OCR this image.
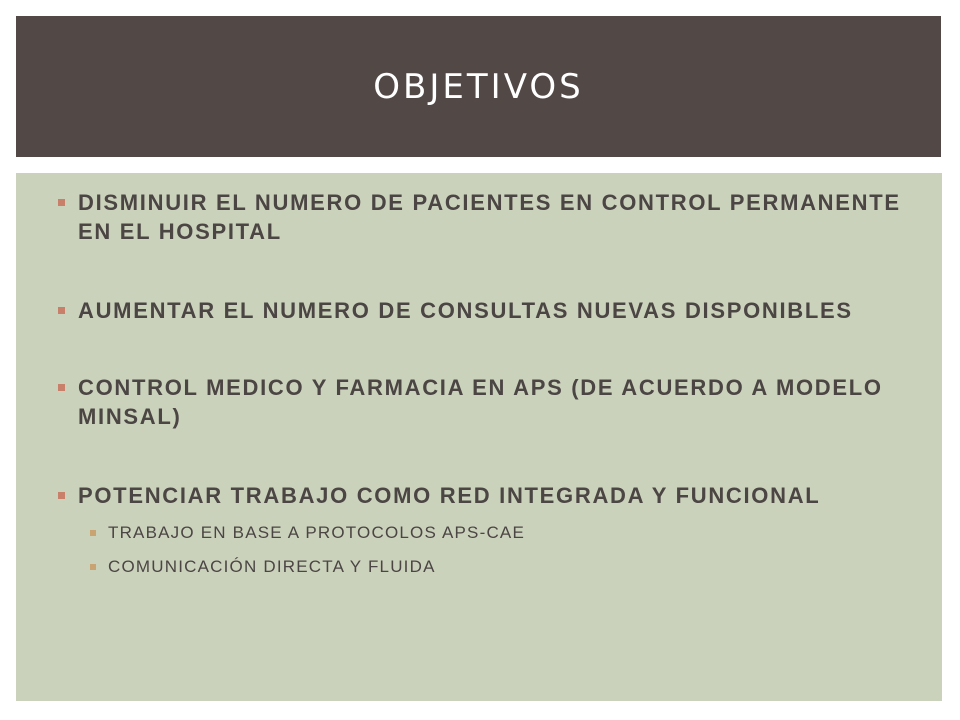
OBJETIVOS
DISMINUIR EL NUMERO DE PACIENTES EN CONTROL PERMANENTE EN EL HOSPITAL
AUMENTAR EL NUMERO DE CONSULTAS NUEVAS DISPONIBLES
CONTROL MEDICO Y FARMACIA EN APS (DE ACUERDO A MODELO MINSAL)
POTENCIAR TRABAJO COMO RED INTEGRADA Y FUNCIONAL
TRABAJO EN BASE A PROTOCOLOS APS-CAE
COMUNICACIÓN DIRECTA Y FLUIDA
